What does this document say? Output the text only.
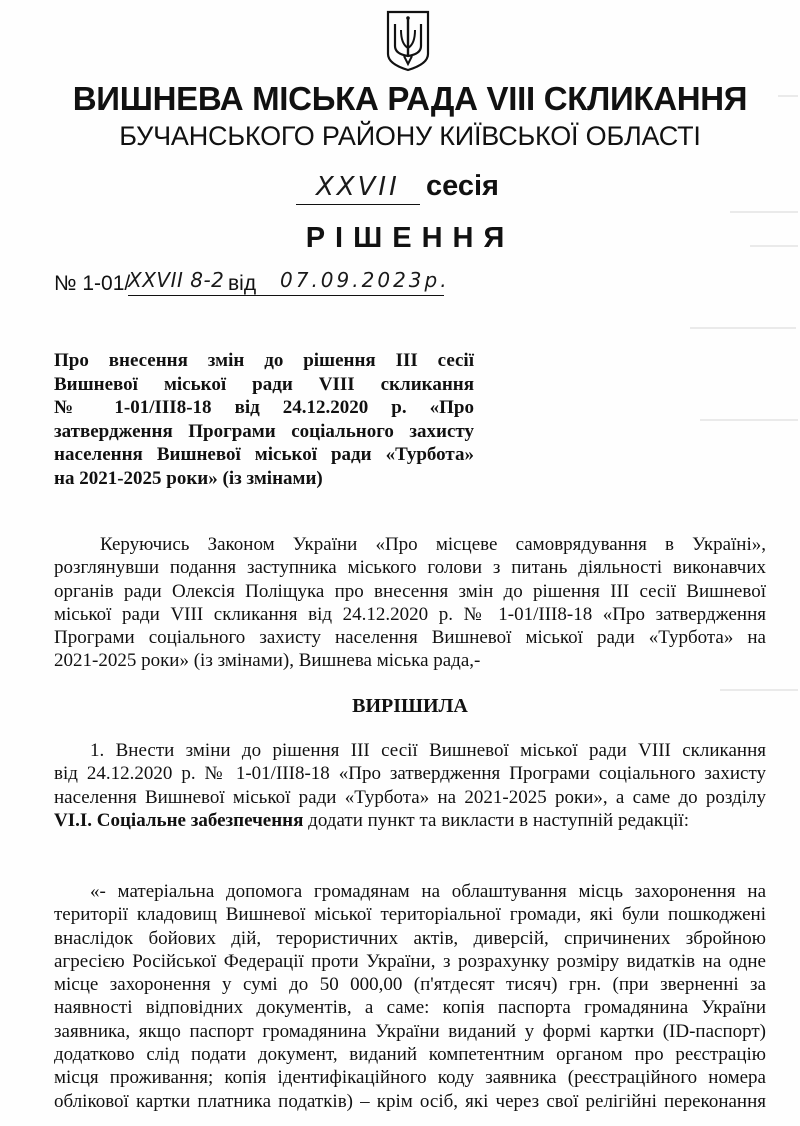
ВИШНЕВА МІСЬКА РАДА VIII СКЛИКАННЯ
БУЧАНСЬКОГО РАЙОНУ КИЇВСЬКОЇ ОБЛАСТІ
XXVII сесія
РІШЕННЯ
№ 1-01/
XXVII 8-2 від 07.09.2023р.
Про внесення змін до рішення ІІІ сесії
Вишневої міської ради VIII скликання
№ 1-01/ІІІ8-18 від 24.12.2020 р. «Про
затвердження Програми соціального захисту
населення Вишневої міської ради «Турбота»
на 2021-2025 роки» (із змінами)
Керуючись Законом України «Про місцеве самоврядування в Україні»,
розглянувши подання заступника міського голови з питань діяльності виконавчих
органів ради Олексія Поліщука про внесення змін до рішення ІІІ сесії Вишневої
міської ради VIII скликання від 24.12.2020 р. № 1-01/ІІІ8-18 «Про затвердження
Програми соціального захисту населення Вишневої міської ради «Турбота» на
2021-2025 роки» (із змінами), Вишнева міська рада,-
ВИРІШИЛА
1. Внести зміни до рішення ІІІ сесії Вишневої міської ради VIII скликання
від 24.12.2020 р. № 1-01/ІІІ8-18 «Про затвердження Програми соціального захисту
населення Вишневої міської ради «Турбота» на 2021-2025 роки», а саме до розділу
VI.I. Соціальне забезпечення додати пункт та викласти в наступній редакції:
«- матеріальна допомога громадянам на облаштування місць захоронення на
території кладовищ Вишневої міської територіальної громади, які були пошкоджені
внаслідок бойових дій, терористичних актів, диверсій, спричинених збройною
агресією Російської Федерації проти України, з розрахунку розміру видатків на одне
місце захоронення у сумі до 50 000,00 (п'ятдесят тисяч) грн. (при зверненні за
наявності відповідних документів, а саме: копія паспорта громадянина України
заявника, якщо паспорт громадянина України виданий у формі картки (ID-паспорт)
додатково слід подати документ, виданий компетентним органом про реєстрацію
місця проживання; копія ідентифікаційного коду заявника (реєстраційного номера
облікової картки платника податків) – крім осіб, які через свої релігійні переконання
